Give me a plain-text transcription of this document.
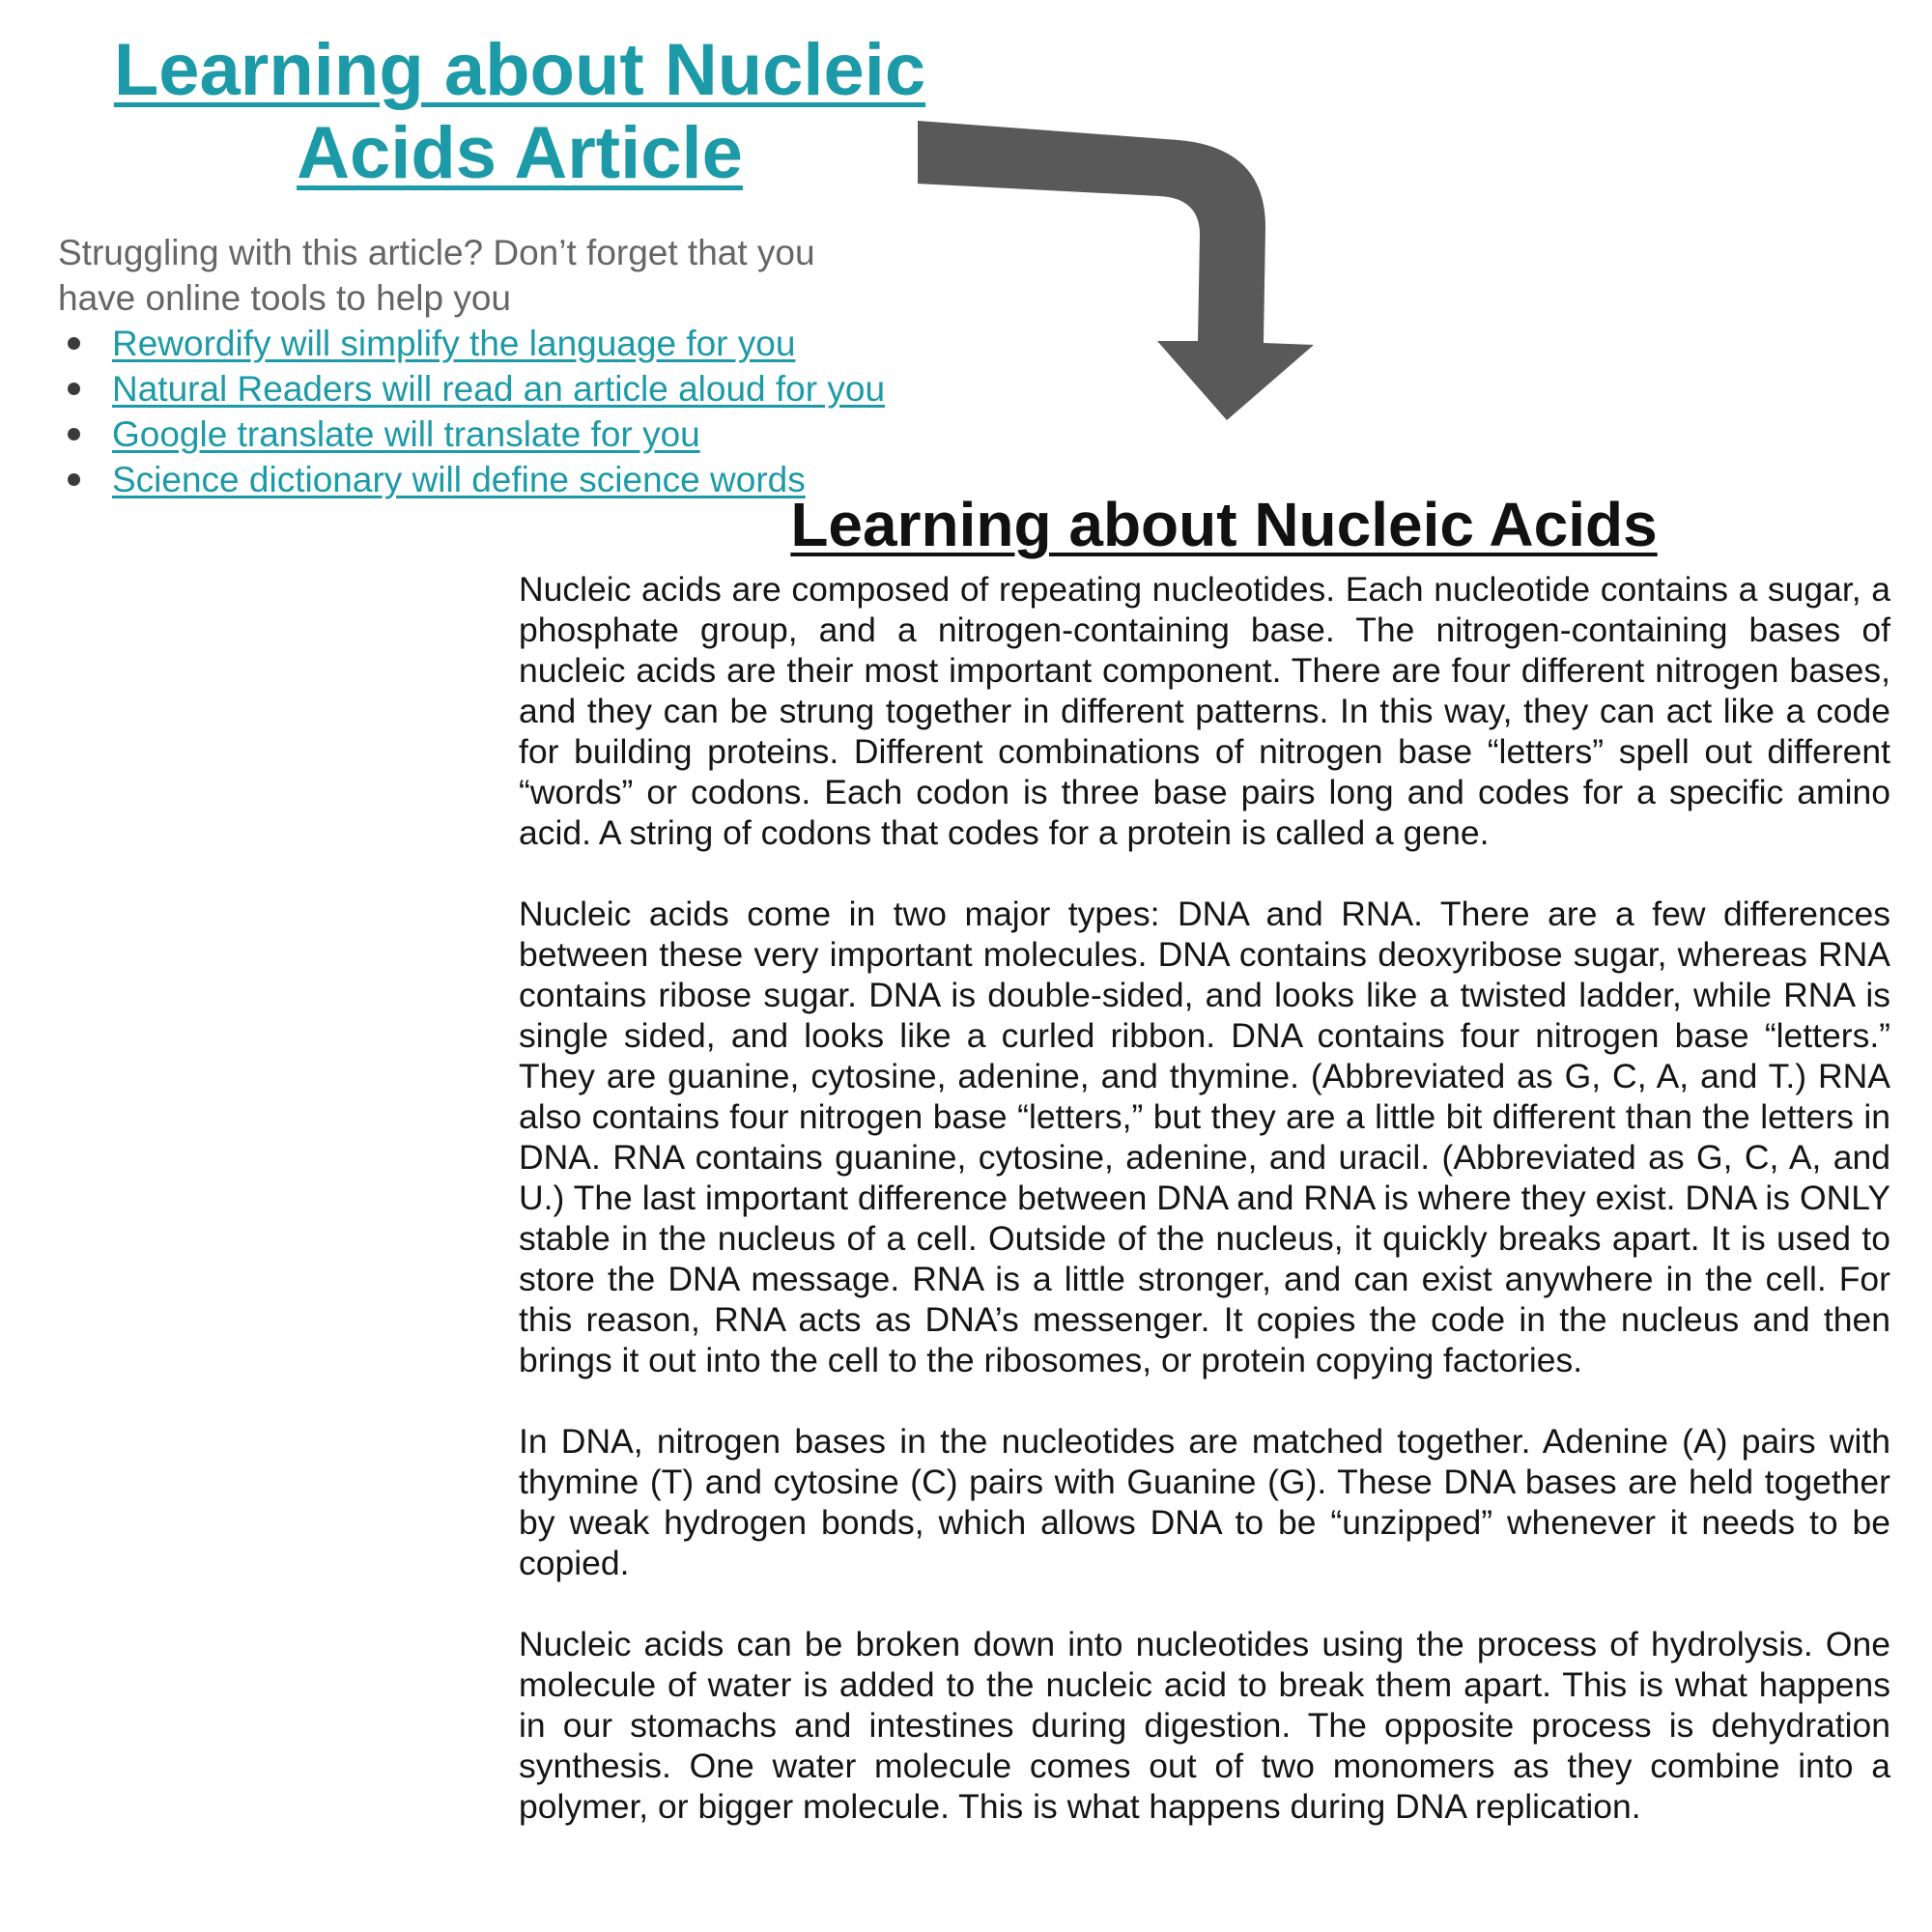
Learning about Nucleic
Acids Article
Struggling with this article? Don’t forget that you
have online tools to help you
Rewordify will simplify the language for you
Natural Readers will read an article aloud for you
Google translate will translate for you
Science dictionary will define science words
Learning about Nucleic Acids

Nucleic acids are composed of repeating nucleotides. Each nucleotide contains a sugar, a phosphate group, and a nitrogen-containing base. The nitrogen-containing bases of nucleic acids are their most important component. There are four different nitrogen bases, and they can be strung together in different patterns. In this way, they can act like a code for building proteins. Different combinations of nitrogen base “letters” spell out different “words” or codons. Each codon is three base pairs long and codes for a specific amino acid. A string of codons that codes for a protein is called a gene.

Nucleic acids come in two major types: DNA and RNA. There are a few differences between these very important molecules. DNA contains deoxyribose sugar, whereas RNA contains ribose sugar. DNA is double-sided, and looks like a twisted ladder, while RNA is single sided, and looks like a curled ribbon. DNA contains four nitrogen base “letters.” They are guanine, cytosine, adenine, and thymine. (Abbreviated as G, C, A, and T.) RNA also contains four nitrogen base “letters,” but they are a little bit different than the letters in DNA. RNA contains guanine, cytosine, adenine, and uracil. (Abbreviated as G, C, A, and U.) The last important difference between DNA and RNA is where they exist. DNA is ONLY stable in the nucleus of a cell. Outside of the nucleus, it quickly breaks apart. It is used to store the DNA message. RNA is a little stronger, and can exist anywhere in the cell. For this reason, RNA acts as DNA’s messenger. It copies the code in the nucleus and then brings it out into the cell to the ribosomes, or protein copying factories.

In DNA, nitrogen bases in the nucleotides are matched together. Adenine (A) pairs with thymine (T) and cytosine (C) pairs with Guanine (G). These DNA bases are held together by weak hydrogen bonds, which allows DNA to be “unzipped” whenever it needs to be copied.

Nucleic acids can be broken down into nucleotides using the process of hydrolysis. One molecule of water is added to the nucleic acid to break them apart. This is what happens in our stomachs and intestines during digestion. The opposite process is dehydration synthesis. One water molecule comes out of two monomers as they combine into a polymer, or bigger molecule. This is what happens during DNA replication.
